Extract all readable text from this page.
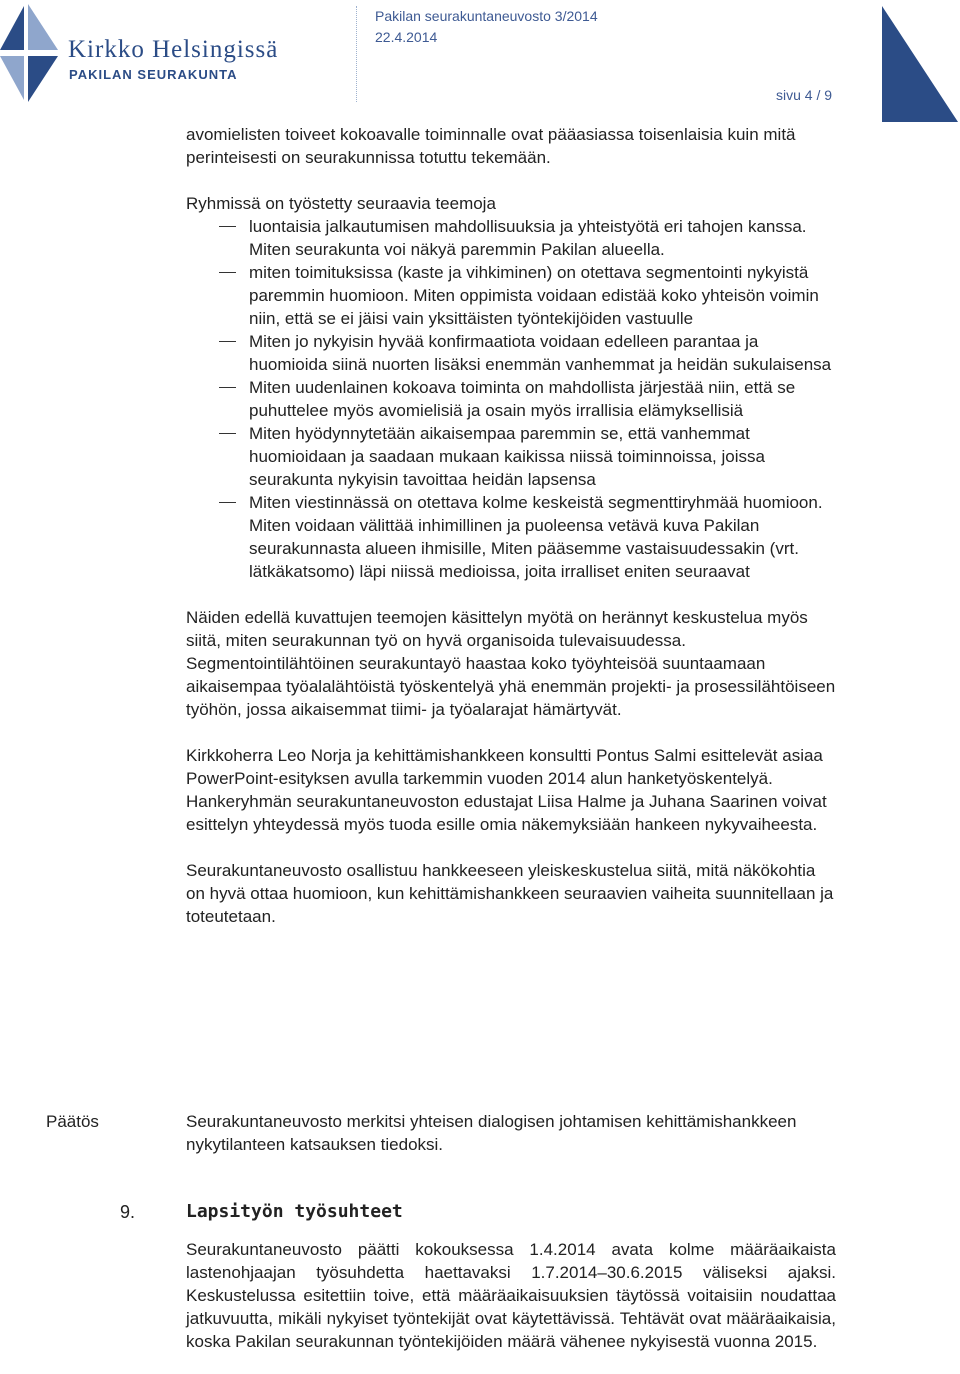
Kirkko Helsingissä
PAKILAN SEURAKUNTA
Pakilan seurakuntaneuvosto 3/2014
22.4.2014
sivu 4 / 9

avomielisten toiveet kokoavalle toiminnalle ovat pääasiassa toisenlaisia kuin mitä perinteisesti on seurakunnissa totuttu tekemään.

Ryhmissä on työstetty seuraavia teemoja

luontaisia jalkautumisen mahdollisuuksia ja yhteistyötä eri tahojen kanssa. Miten seurakunta voi näkyä paremmin Pakilan alueella.
miten toimituksissa (kaste ja vihkiminen) on otettava segmentointi nykyistä paremmin huomioon. Miten oppimista voidaan edistää koko yhteisön voimin niin, että se ei jäisi vain yksittäisten työntekijöiden vastuulle
Miten jo nykyisin hyvää konfirmaatiota voidaan edelleen parantaa ja huomioida siinä nuorten lisäksi enemmän vanhemmat ja heidän sukulaisensa
Miten uudenlainen kokoava toiminta on mahdollista järjestää niin, että se puhuttelee myös avomielisiä ja osain myös irrallisia elämyksellisiä
Miten hyödynnytetään aikaisempaa paremmin se, että vanhemmat huomioidaan ja saadaan mukaan kaikissa niissä toiminnoissa, joissa seurakunta nykyisin tavoittaa heidän lapsensa
Miten viestinnässä on otettava kolme keskeistä segmenttiryhmää huomioon. Miten voidaan välittää inhimillinen ja puoleensa vetävä kuva Pakilan seurakunnasta alueen ihmisille, Miten pääsemme vastaisuudessakin (vrt. lätkäkatsomo) läpi niissä medioissa, joita irralliset eniten seuraavat

Näiden edellä kuvattujen teemojen käsittelyn myötä on herännyt keskustelua myös siitä, miten seurakunnan työ on hyvä organisoida tulevaisuudessa. Segmentointilähtöinen seurakuntayö haastaa koko työyhteisöä suuntaamaan aikaisempaa työalalähtöistä työskentelyä yhä enemmän projekti- ja prosessilähtöiseen työhön, jossa aikaisemmat tiimi- ja työalarajat hämärtyvät.

Kirkkoherra Leo Norja ja kehittämishankkeen konsultti Pontus Salmi esittelevät asiaa PowerPoint-esityksen avulla tarkemmin vuoden 2014 alun hanketyöskentelyä. Hankeryhmän seurakuntaneuvoston edustajat Liisa Halme ja Juhana Saarinen voivat esittelyn yhteydessä myös tuoda esille omia näkemyksiään hankeen nykyvaiheesta.

Seurakuntaneuvosto osallistuu hankkeeseen yleiskeskustelua siitä, mitä näkökohtia on hyvä ottaa huomioon, kun kehittämishankkeen seuraavien vaiheita suunnitellaan ja toteutetaan.

Päätös	Seurakuntaneuvosto merkitsi yhteisen dialogisen johtamisen kehittämishankkeen nykytilanteen katsauksen tiedoksi.
9.	Lapsityön työsuhteet

Seurakuntaneuvosto päätti kokouksessa 1.4.2014 avata kolme määräaikaista lastenohjaajan työsuhdetta haettavaksi 1.7.2014–30.6.2015 väliseksi ajaksi. Keskustelussa esitettiin toive, että määräaikaisuuksien täytössä voitaisiin noudattaa jatkuvuutta, mikäli nykyiset työntekijät ovat käytettävissä. Tehtävät ovat määräaikaisia, koska Pakilan seurakunnan työntekijöiden määrä vähenee nykyisestä vuonna 2015.
